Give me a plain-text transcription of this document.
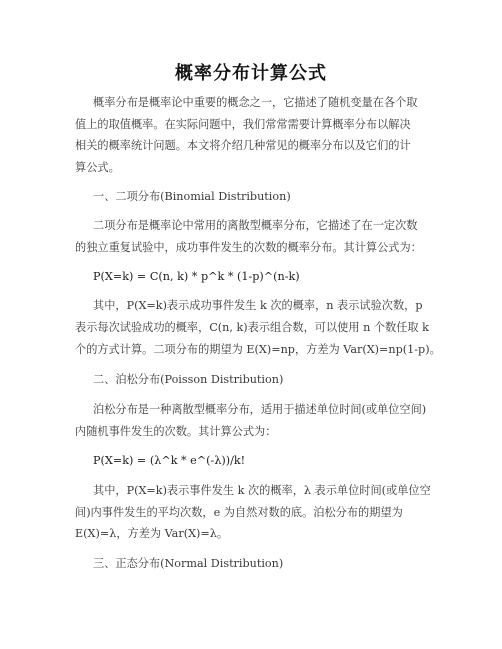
概率分布计算公式
概率分布是概率论中重要的概念之一，它描述了随机变量在各个取
值上的取值概率。在实际问题中，我们常常需要计算概率分布以解决
相关的概率统计问题。本文将介绍几种常见的概率分布以及它们的计
算公式。
一、二项分布(Binomial Distribution)
二项分布是概率论中常用的离散型概率分布，它描述了在一定次数
的独立重复试验中，成功事件发生的次数的概率分布。其计算公式为：
P(X=k) = C(n, k) * p^k * (1-p)^(n-k)
其中，P(X=k)表示成功事件发生 k 次的概率，n 表示试验次数，p
表示每次试验成功的概率，C(n, k)表示组合数，可以使用 n 个数任取 k
个的方式计算。二项分布的期望为 E(X)=np，方差为 Var(X)=np(1-p)。
二、泊松分布(Poisson Distribution)
泊松分布是一种离散型概率分布，适用于描述单位时间(或单位空间)
内随机事件发生的次数。其计算公式为：
P(X=k) = (λ^k * e^(-λ))/k!
其中，P(X=k)表示事件发生 k 次的概率，λ 表示单位时间(或单位空
间)内事件发生的平均次数，e 为自然对数的底。泊松分布的期望为
E(X)=λ，方差为 Var(X)=λ。
三、正态分布(Normal Distribution)
